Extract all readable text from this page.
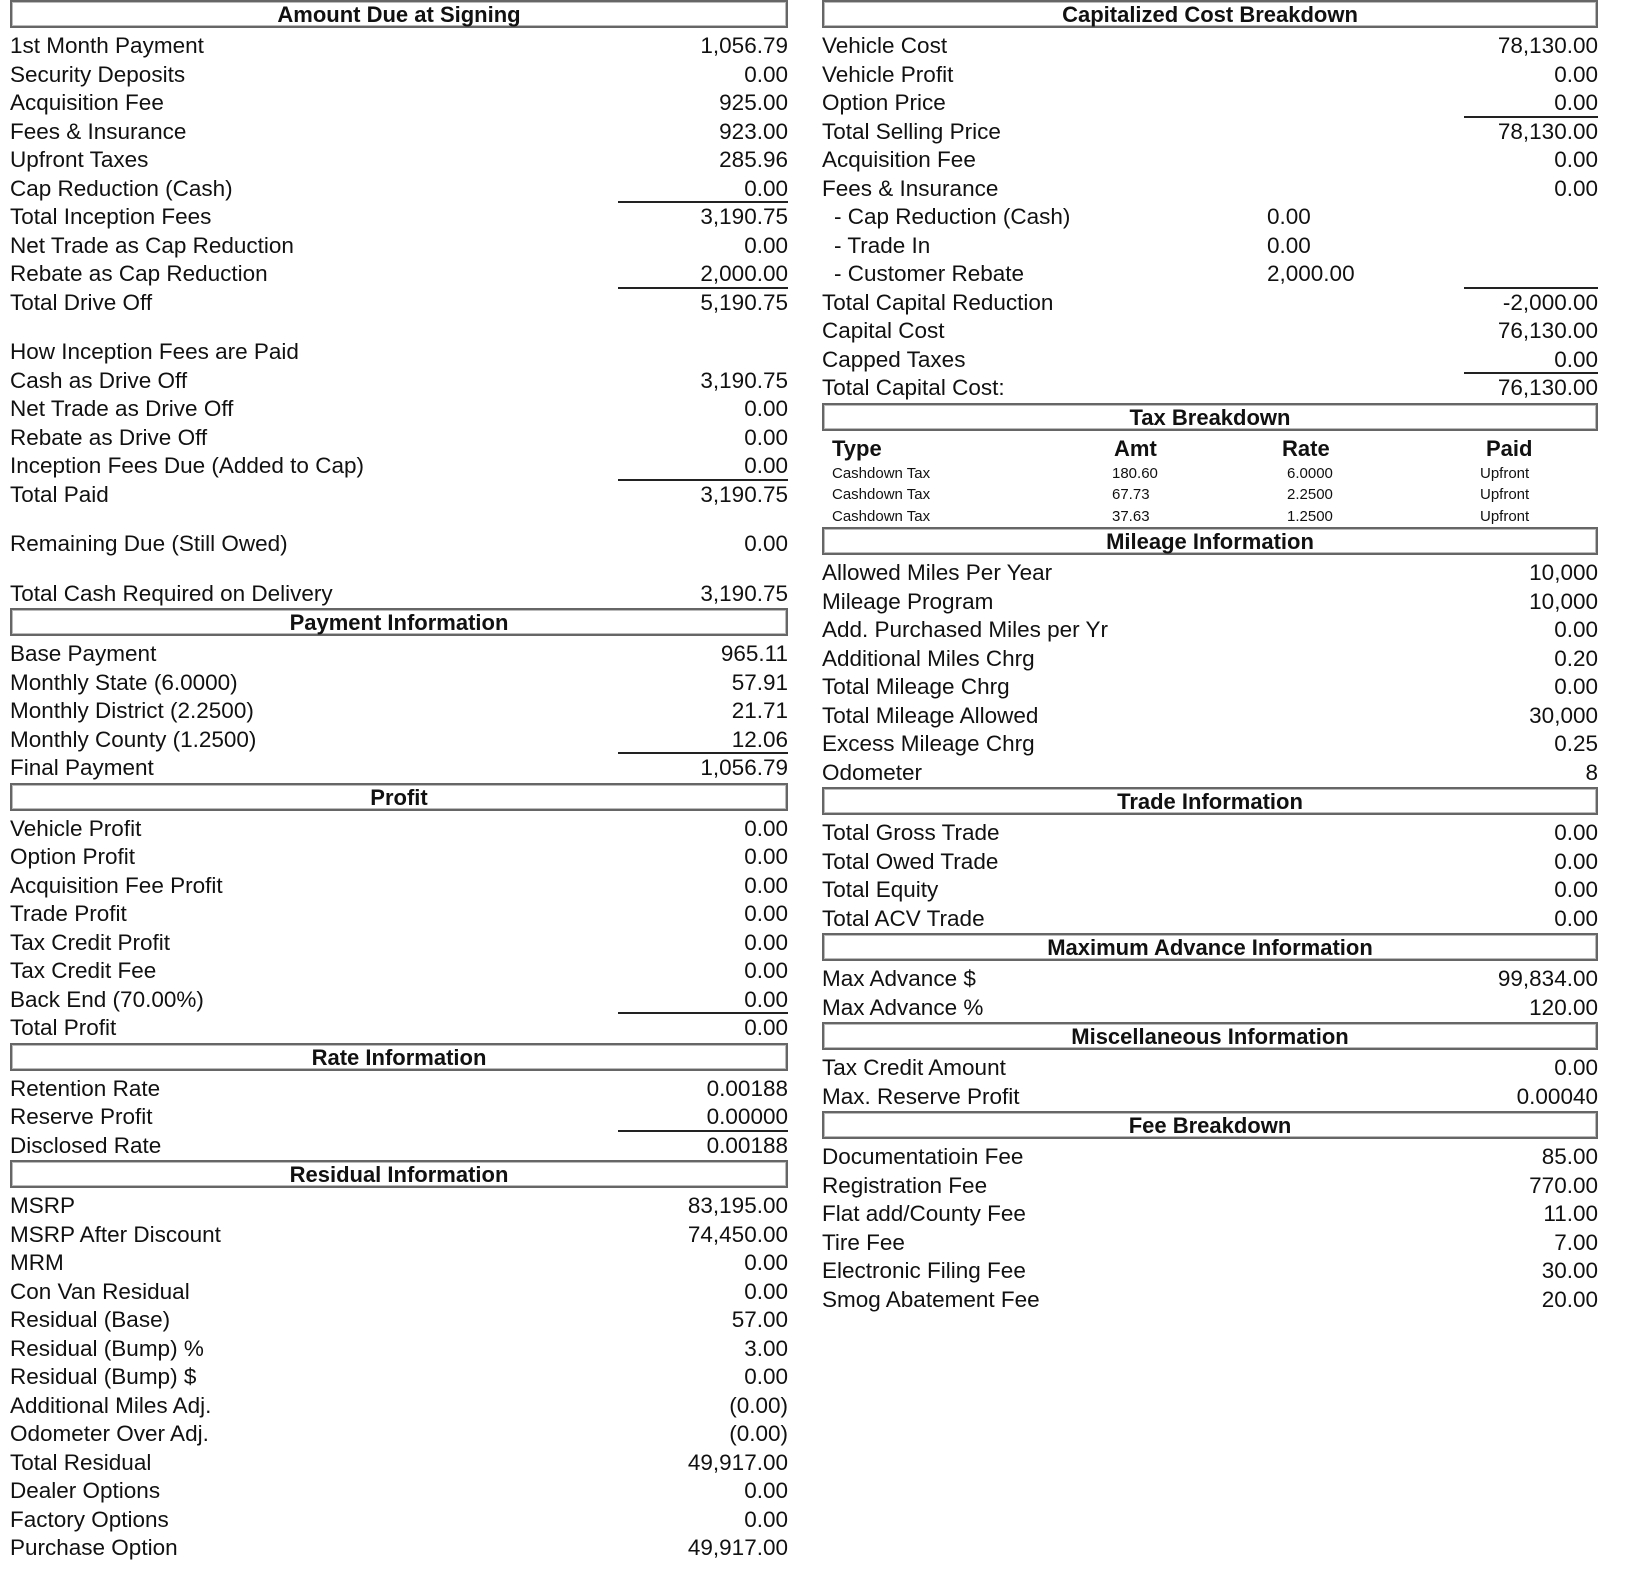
Amount Due at Signing
1st Month Payment	1,056.79
Security Deposits	0.00
Acquisition Fee	925.00
Fees & Insurance	923.00
Upfront Taxes	285.96
Cap Reduction (Cash)	0.00
Total Inception Fees	3,190.75
Net Trade as Cap Reduction	0.00
Rebate as Cap Reduction	2,000.00
Total Drive Off	5,190.75
How Inception Fees are Paid
Cash as Drive Off	3,190.75
Net Trade as Drive Off	0.00
Rebate as Drive Off	0.00
Inception Fees Due (Added to Cap)	0.00
Total Paid	3,190.75
Remaining Due (Still Owed)	0.00
Total Cash Required on Delivery	3,190.75
Payment Information
Base Payment	965.11
Monthly State (6.0000)	57.91
Monthly District (2.2500)	21.71
Monthly County (1.2500)	12.06
Final Payment	1,056.79
Profit
Vehicle Profit	0.00
Option Profit	0.00
Acquisition Fee Profit	0.00
Trade Profit	0.00
Tax Credit Profit	0.00
Tax Credit Fee	0.00
Back End (70.00%)	0.00
Total Profit	0.00
Rate Information
Retention Rate	0.00188
Reserve Profit	0.00000
Disclosed Rate	0.00188
Residual Information
MSRP	83,195.00
MSRP After Discount	74,450.00
MRM	0.00
Con Van Residual	0.00
Residual (Base)	57.00
Residual (Bump) %	3.00
Residual (Bump) $	0.00
Additional Miles Adj.	(0.00)
Odometer Over Adj.	(0.00)
Total Residual	49,917.00
Dealer Options	0.00
Factory Options	0.00
Purchase Option	49,917.00
Capitalized Cost Breakdown
Vehicle Cost	78,130.00
Vehicle Profit	0.00
Option Price	0.00
Total Selling Price	78,130.00
Acquisition Fee	0.00
Fees & Insurance	0.00
- Cap Reduction (Cash)	0.00
- Trade In	0.00
- Customer Rebate	2,000.00
Total Capital Reduction	-2,000.00
Capital Cost	76,130.00
Capped Taxes	0.00
Total Capital Cost:	76,130.00
Tax Breakdown
Type	Amt	Rate	Paid
Cashdown Tax	180.60	6.0000	Upfront
Cashdown Tax	67.73	2.2500	Upfront
Cashdown Tax	37.63	1.2500	Upfront
Mileage Information
Allowed Miles Per Year	10,000
Mileage Program	10,000
Add. Purchased Miles per Yr	0.00
Additional Miles Chrg	0.20
Total Mileage Chrg	0.00
Total Mileage Allowed	30,000
Excess Mileage Chrg	0.25
Odometer	8
Trade Information
Total Gross Trade	0.00
Total Owed Trade	0.00
Total Equity	0.00
Total ACV Trade	0.00
Maximum Advance Information
Max Advance $	99,834.00
Max Advance %	120.00
Miscellaneous Information
Tax Credit Amount	0.00
Max. Reserve Profit	0.00040
Fee Breakdown
Documentatioin Fee	85.00
Registration Fee	770.00
Flat add/County Fee	11.00
Tire Fee	7.00
Electronic Filing Fee	30.00
Smog Abatement Fee	20.00
